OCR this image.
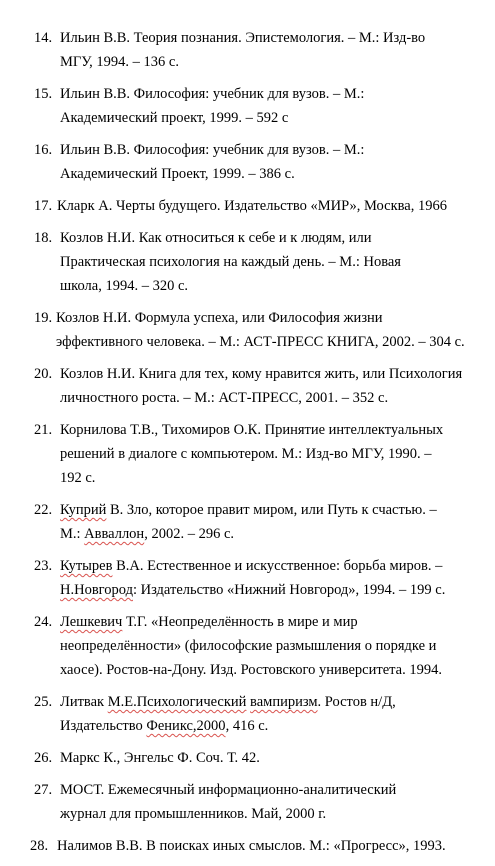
14. Ильин В.В. Теория познания. Эпистемология. – М.: Изд-во
МГУ, 1994. – 136 с.
15. Ильин В.В. Философия: учебник для вузов. – М.:
Академический проект, 1999. – 592 с
16. Ильин В.В. Философия: учебник для вузов. – М.:
Академический Проект, 1999. – 386 с.
17. Кларк А. Черты будущего. Издательство «МИР», Москва, 1966
18. Козлов Н.И. Как относиться к себе и к людям, или
Практическая психология на каждый день. – М.: Новая
школа, 1994. – 320 с.
19. Козлов Н.И. Формула успеха, или Философия жизни
эффективного человека. – М.: АСТ-ПРЕСС КНИГА, 2002. – 304 с.
20. Козлов Н.И. Книга для тех, кому нравится жить, или Психология
личностного роста. – М.: АСТ-ПРЕСС, 2001. – 352 с.
21. Корнилова Т.В., Тихомиров О.К. Принятие интеллектуальных
решений в диалоге с компьютером. М.: Изд-во МГУ, 1990. –
192 с.
22. Куприй В. Зло, которое правит миром, или Путь к счастью. –
М.: Авваллон, 2002. – 296 с.
23. Кутырев В.А. Естественное и искусственное: борьба миров. –
Н.Новгород: Издательство «Нижний Новгород», 1994. – 199 с.
24. Лешкевич Т.Г. «Неопределённость в мире и мир
неопределённости» (философские размышления о порядке и
хаосе). Ростов-на-Дону. Изд. Ростовского университета. 1994.
25. Литвак М.Е.Психологический вампиризм. Ростов н/Д,
Издательство Феникс,2000, 416 с.
26. Маркс К., Энгельс Ф. Соч. Т. 42.
27. МОСТ. Ежемесячный информационно-аналитический
журнал для промышленников. Май, 2000 г.
28. Налимов В.В. В поисках иных смыслов. М.: «Прогресс», 1993.
